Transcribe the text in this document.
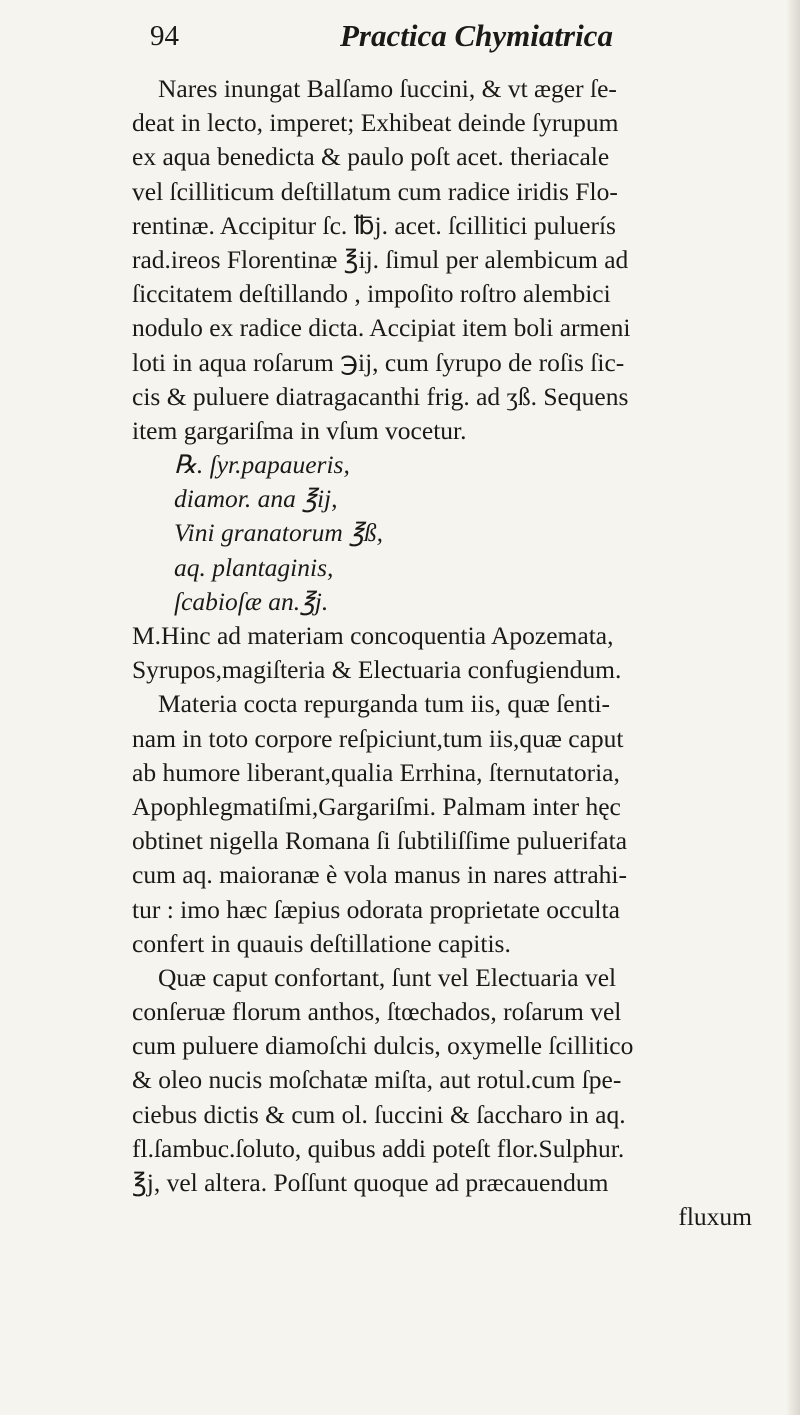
94	Practica Chymiatrica
Nares inungat Balſamo ſuccini, & vt æger ſe-
deat in lecto, imperet; Exhibeat deinde ſyrupum
ex aqua benedicta & paulo poſt acet. theriacale
vel ſcilliticum deſtillatum cum radice iridis Flo-
rentinæ. Accipitur ſc. ℔j. acet. ſcillitici puluerís
rad.ireos Florentinæ ℥ij. ſimul per alembicum ad
ſiccitatem deſtillando , impoſito roſtro alembici
nodulo ex radice dicta. Accipiat item boli armeni
loti in aqua roſarum ℈ij, cum ſyrupo de roſis ſic-
cis & puluere diatragacanthi frig. ad ʒß. Sequens
item gargariſma in vſum vocetur.
℞. ſyr.papaueris,
diamor. ana ℥ij,
Vini granatorum ℥ß,
aq. plantaginis,
ſcabioſæ an.℥j.
M.Hinc ad materiam concoquentia Apozemata,
Syrupos,magiſteria & Electuaria confugiendum.
Materia cocta repurganda tum iis, quæ ſenti-
nam in toto corpore reſpiciunt,tum iis,quæ caput
ab humore liberant,qualia Errhina, ſternutatoria,
Apophlegmatiſmi,Gargariſmi. Palmam inter hęc
obtinet nigella Romana ſi ſubtiliſſime puluerifata
cum aq. maioranæ è vola manus in nares attrahi-
tur : imo hæc ſæpius odorata proprietate occulta
confert in quauis deſtillatione capitis.
Quæ caput confortant, ſunt vel Electuaria vel
conſeruæ florum anthos, ſtœchados, roſarum vel
cum puluere diamoſchi dulcis, oxymelle ſcillitico
& oleo nucis moſchatæ miſta, aut rotul.cum ſpe-
ciebus dictis & cum ol. ſuccini & ſaccharo in aq.
fl.ſambuc.ſoluto, quibus addi poteſt flor.Sulphur.
℥j, vel altera. Poſſunt quoque ad præcauendum
fluxum
